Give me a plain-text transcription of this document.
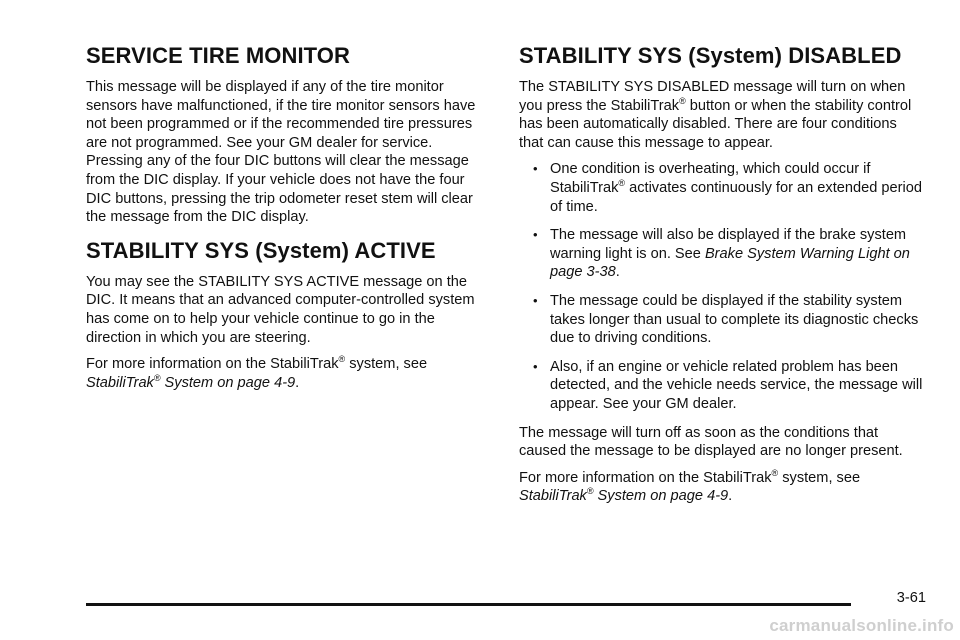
SERVICE TIRE MONITOR

This message will be displayed if any of the tire monitor sensors have malfunctioned, if the tire monitor sensors have not been programmed or if the recommended tire pressures are not programmed. See your GM dealer for service. Pressing any of the four DIC buttons will clear the message from the DIC display. If your vehicle does not have the four DIC buttons, pressing the trip odometer reset stem will clear the message from the DIC display.

STABILITY SYS (System) ACTIVE

You may see the STABILITY SYS ACTIVE message on the DIC. It means that an advanced computer-controlled system has come on to help your vehicle continue to go in the direction in which you are steering.

For more information on the StabiliTrak® system, see
StabiliTrak® System on page 4-9.

STABILITY SYS (System) DISABLED

The STABILITY SYS DISABLED message will turn on when you press the StabiliTrak® button or when the stability control has been automatically disabled. There are four conditions that can cause this message to appear.

• One condition is overheating, which could occur if StabiliTrak® activates continuously for an extended period of time.
• The message will also be displayed if the brake system warning light is on. See Brake System Warning Light on page 3-38.
• The message could be displayed if the stability system takes longer than usual to complete its diagnostic checks due to driving conditions.
• Also, if an engine or vehicle related problem has been detected, and the vehicle needs service, the message will appear. See your GM dealer.

The message will turn off as soon as the conditions that caused the message to be displayed are no longer present.

For more information on the StabiliTrak® system, see
StabiliTrak® System on page 4-9.

3-61
carmanualsonline.info
